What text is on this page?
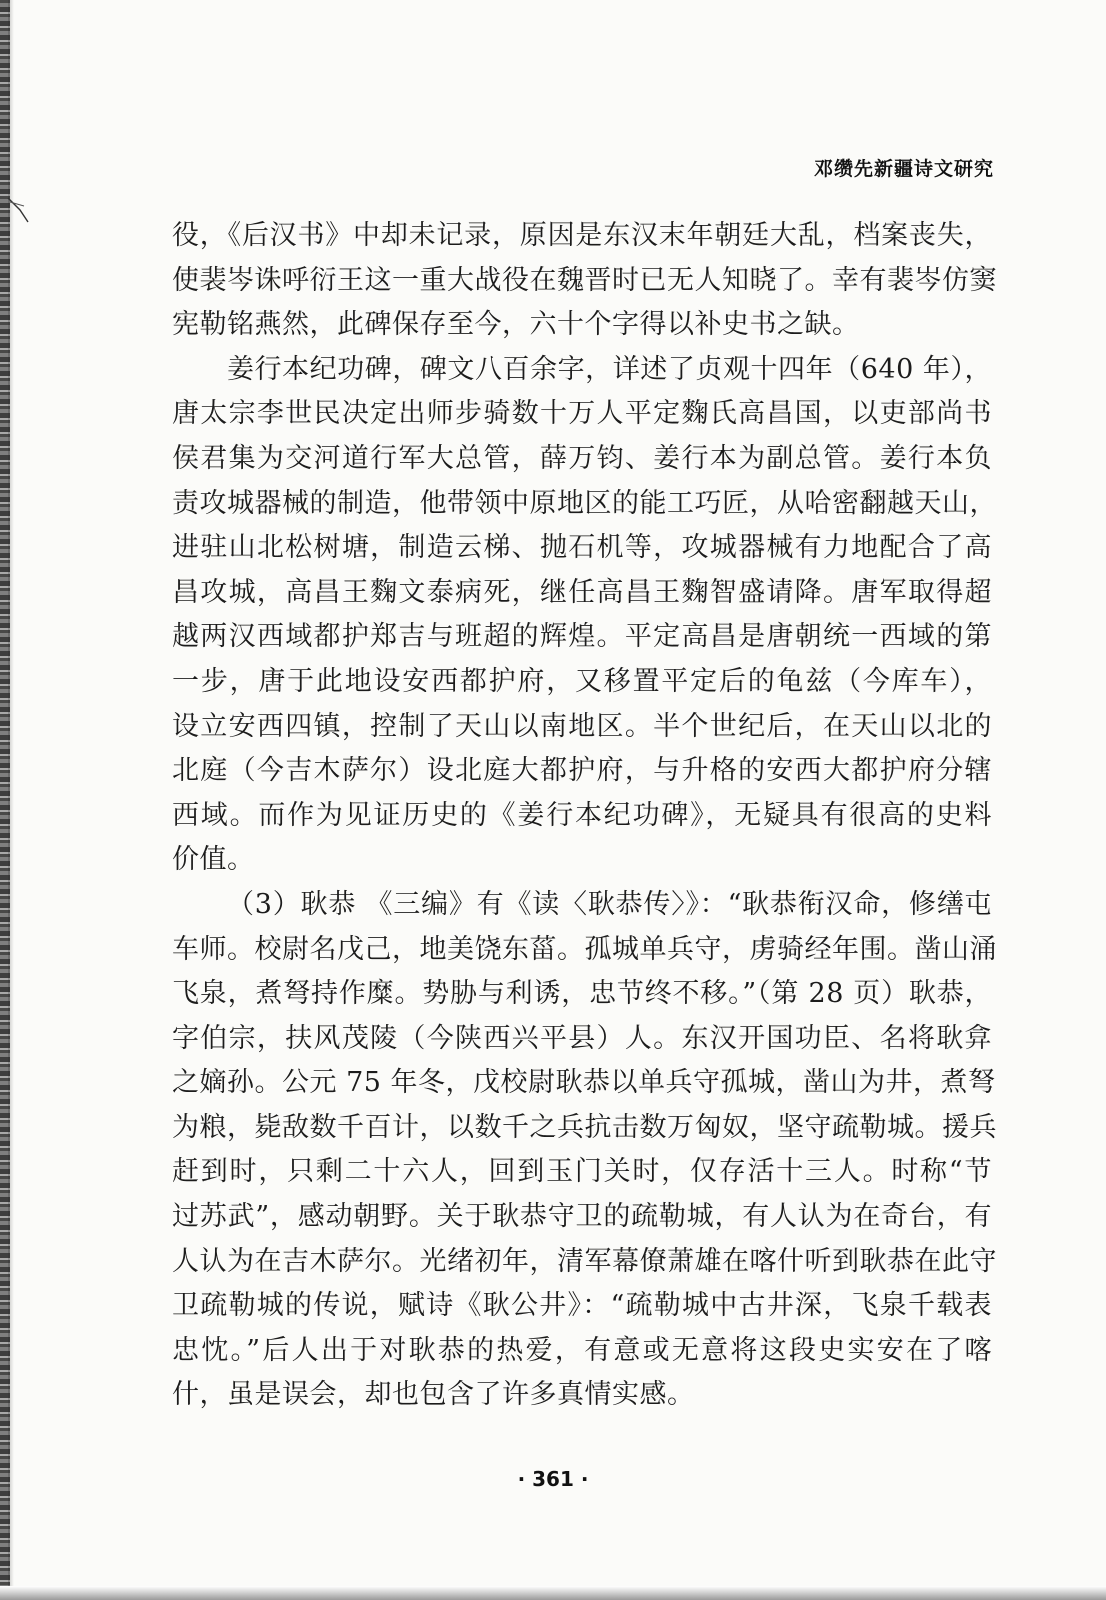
邓缵先新疆诗文研究
役，《后汉书》中却未记录，原因是东汉末年朝廷大乱，档案丧失，
使裴岑诛呼衍王这一重大战役在魏晋时已无人知晓了。幸有裴岑仿窦
宪勒铭燕然，此碑保存至今，六十个字得以补史书之缺。
姜行本纪功碑，碑文八百余字，详述了贞观十四年（640 年），
唐太宗李世民决定出师步骑数十万人平定麴氏高昌国，以吏部尚书
侯君集为交河道行军大总管，薛万钧、姜行本为副总管。姜行本负
责攻城器械的制造，他带领中原地区的能工巧匠，从哈密翻越天山，
进驻山北松树塘，制造云梯、抛石机等，攻城器械有力地配合了高
昌攻城，高昌王麴文泰病死，继任高昌王麴智盛请降。唐军取得超
越两汉西域都护郑吉与班超的辉煌。平定高昌是唐朝统一西域的第
一步，唐于此地设安西都护府，又移置平定后的龟兹（今库车），
设立安西四镇，控制了天山以南地区。半个世纪后，在天山以北的
北庭（今吉木萨尔）设北庭大都护府，与升格的安西大都护府分辖
西域。而作为见证历史的《姜行本纪功碑》，无疑具有很高的史料
价值。
（3）耿恭 《三编》有《读〈耿恭传〉》：“耿恭衔汉命，修缮屯
车师。校尉名戊己，地美饶东菑。孤城单兵守，虏骑经年围。凿山涌
飞泉，煮弩持作糜。势胁与利诱，忠节终不移。”（第 28 页）耿恭，
字伯宗，扶风茂陵（今陕西兴平县）人。东汉开国功臣、名将耿弇
之嫡孙。公元 75 年冬，戊校尉耿恭以单兵守孤城，凿山为井，煮弩
为粮，毙敌数千百计，以数千之兵抗击数万匈奴，坚守疏勒城。援兵
赶到时，只剩二十六人，回到玉门关时，仅存活十三人。时称“节
过苏武”，感动朝野。关于耿恭守卫的疏勒城，有人认为在奇台，有
人认为在吉木萨尔。光绪初年，清军幕僚萧雄在喀什听到耿恭在此守
卫疏勒城的传说，赋诗《耿公井》：“疏勒城中古井深，飞泉千载表
忠忱。”后人出于对耿恭的热爱，有意或无意将这段史实安在了喀
什，虽是误会，却也包含了许多真情实感。
· 361 ·
